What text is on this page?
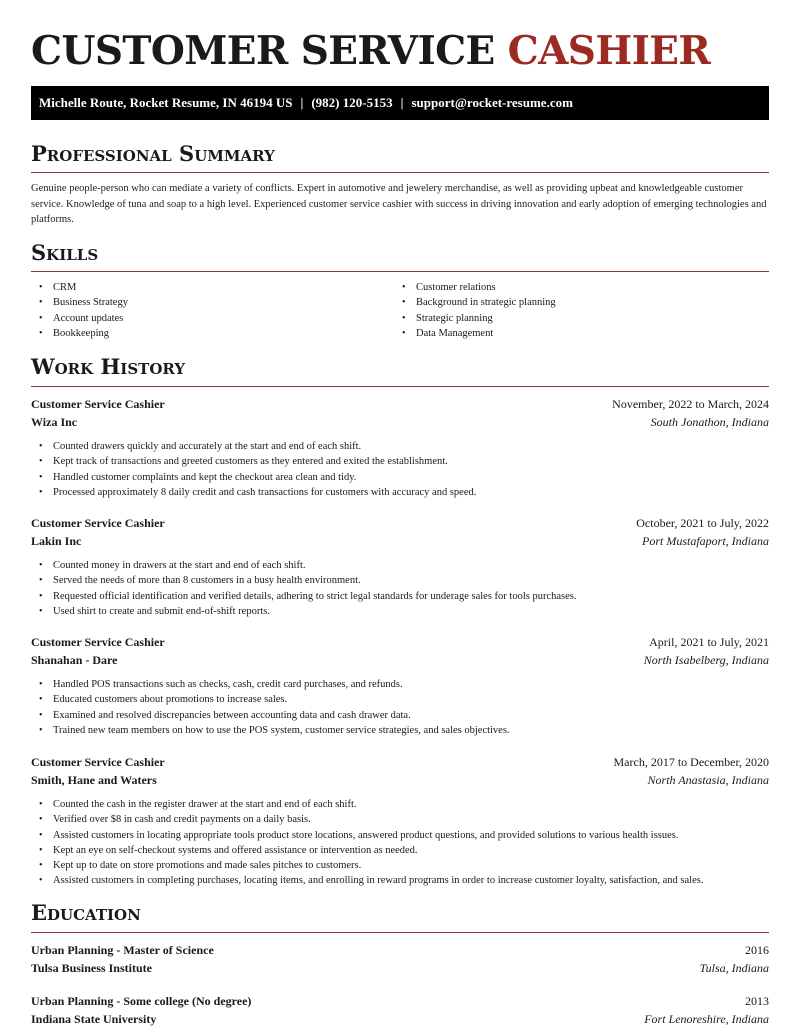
CUSTOMER SERVICE CASHIER
Michelle Route, Rocket Resume, IN 46194 US | (982) 120-5153 | support@rocket-resume.com
Professional Summary

Genuine people-person who can mediate a variety of conflicts. Expert in automotive and jewelery merchandise, as well as providing upbeat and knowledgeable customer service. Knowledge of tuna and soap to a high level. Experienced customer service cashier with success in driving innovation and early adoption of emerging technologies and platforms.

Skills
• CRM
• Business Strategy
• Account updates
• Bookkeeping
• Customer relations
• Background in strategic planning
• Strategic planning
• Data Management
Work History
Customer Service Cashier	November, 2022 to March, 2024
Wiza Inc	South Jonathon, Indiana
• Counted drawers quickly and accurately at the start and end of each shift.
• Kept track of transactions and greeted customers as they entered and exited the establishment.
• Handled customer complaints and kept the checkout area clean and tidy.
• Processed approximately 8 daily credit and cash transactions for customers with accuracy and speed.
Customer Service Cashier	October, 2021 to July, 2022
Lakin Inc	Port Mustafaport, Indiana
• Counted money in drawers at the start and end of each shift.
• Served the needs of more than 8 customers in a busy health environment.
• Requested official identification and verified details, adhering to strict legal standards for underage sales for tools purchases.
• Used shirt to create and submit end-of-shift reports.
Customer Service Cashier	April, 2021 to July, 2021
Shanahan - Dare	North Isabelberg, Indiana
• Handled POS transactions such as checks, cash, credit card purchases, and refunds.
• Educated customers about promotions to increase sales.
• Examined and resolved discrepancies between accounting data and cash drawer data.
• Trained new team members on how to use the POS system, customer service strategies, and sales objectives.
Customer Service Cashier	March, 2017 to December, 2020
Smith, Hane and Waters	North Anastasia, Indiana
• Counted the cash in the register drawer at the start and end of each shift.
• Verified over $8 in cash and credit payments on a daily basis.
• Assisted customers in locating appropriate tools product store locations, answered product questions, and provided solutions to various health issues.
• Kept an eye on self-checkout systems and offered assistance or intervention as needed.
• Kept up to date on store promotions and made sales pitches to customers.
• Assisted customers in completing purchases, locating items, and enrolling in reward programs in order to increase customer loyalty, satisfaction, and sales.
Education
Urban Planning - Master of Science	2016
Tulsa Business Institute	Tulsa, Indiana
Urban Planning - Some college (No degree)	2013
Indiana State University	Fort Lenoreshire, Indiana
